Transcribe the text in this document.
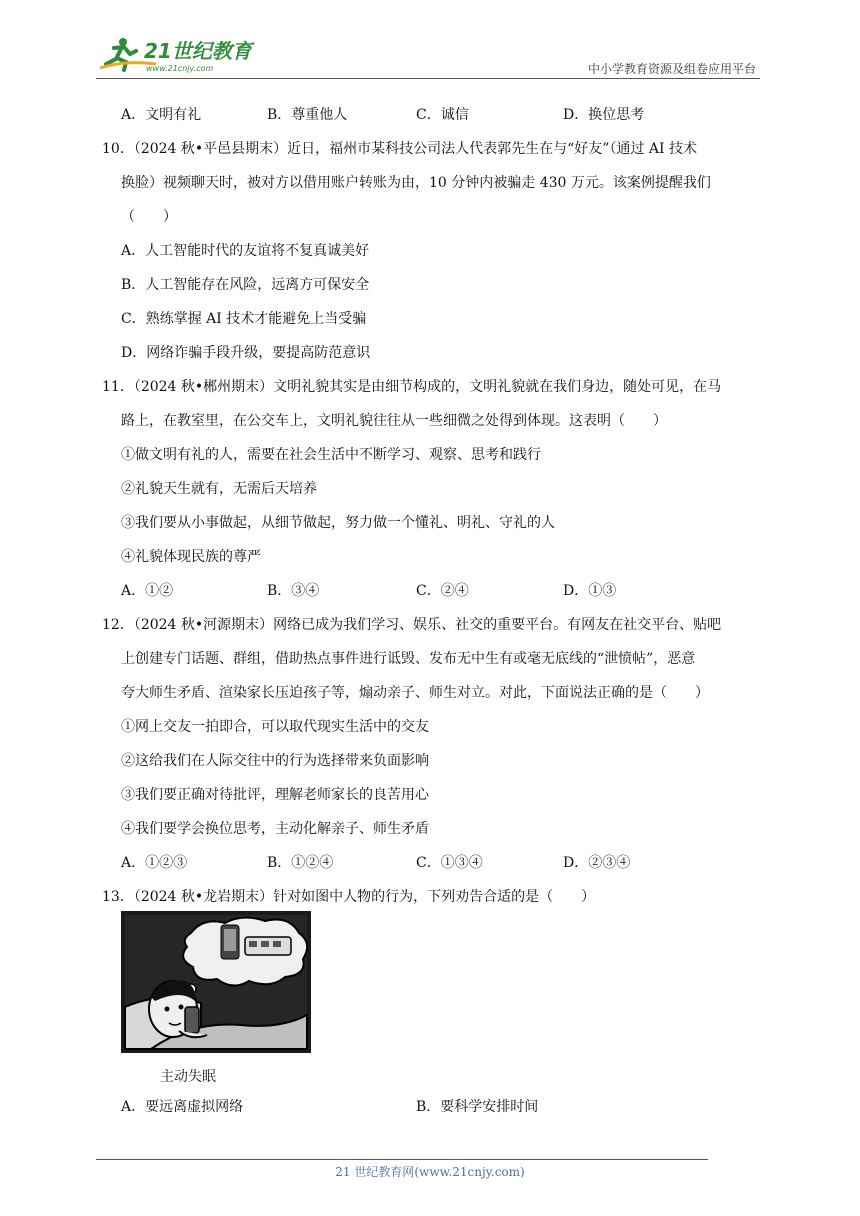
21世纪教育
www.21cnjy.com	中小学教育资源及组卷应用平台
A．文明有礼	B．尊重他人	C．诚信	D．换位思考
10．（2024 秋•平邑县期末）近日，福州市某科技公司法人代表郭先生在与“好友”（通过 AI 技术
换脸）视频聊天时，被对方以借用账户转账为由，10 分钟内被骗走 430 万元。该案例提醒我们
（　　）
A．人工智能时代的友谊将不复真诚美好
B．人工智能存在风险，远离方可保安全
C．熟练掌握 AI 技术才能避免上当受骗
D．网络诈骗手段升级，要提高防范意识
11．（2024 秋•郴州期末）文明礼貌其实是由细节构成的，文明礼貌就在我们身边，随处可见，在马
路上，在教室里，在公交车上，文明礼貌往往从一些细微之处得到体现。这表明（　　）
①做文明有礼的人，需要在社会生活中不断学习、观察、思考和践行
②礼貌天生就有，无需后天培养
③我们要从小事做起，从细节做起，努力做一个懂礼、明礼、守礼的人
④礼貌体现民族的尊严
A．①②	B．③④	C．②④	D．①③
12．（2024 秋•河源期末）网络已成为我们学习、娱乐、社交的重要平台。有网友在社交平台、贴吧
上创建专门话题、群组，借助热点事件进行诋毁、发布无中生有或毫无底线的“泄愤帖”，恶意
夸大师生矛盾、渲染家长压迫孩子等，煽动亲子、师生对立。对此，下面说法正确的是（　　）
①网上交友一拍即合，可以取代现实生活中的交友
②这给我们在人际交往中的行为选择带来负面影响
③我们要正确对待批评，理解老师家长的良苦用心
④我们要学会换位思考，主动化解亲子、师生矛盾
A．①②③	B．①②④	C．①③④	D．②③④
13．（2024 秋•龙岩期末）针对如图中人物的行为，下列劝告合适的是（　　）
主动失眠
A．要远离虚拟网络	B．要科学安排时间
21 世纪教育网(www.21cnjy.com)
